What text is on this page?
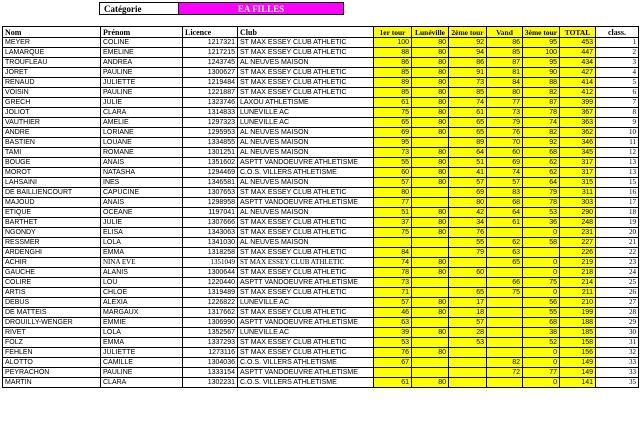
Catégorie	EA FILLES
Nom	Prénom	Licence	Club	1er tour	Lunéville	2ème tour	Vand	3ème tour	TOTAL	class.
MEYER	COLINE	1217321	ST MAX ESSEY CLUB ATHLETIC	100	80	92	86	95	453	1
LAMARQUE	EMELINE	1217215	ST MAX ESSEY CLUB ATHLETIC	88	80	94	85	100	447	2
TROUFLEAU	ANDREA	1243745	AL NEUVES MAISON	86	80	86	87	95	434	3
JORET	PAULINE	1300627	ST MAX ESSEY CLUB ATHLETIC	85	80	91	81	90	427	4
RENAUD	JULIETTE	1219484	ST MAX ESSEY CLUB ATHLETIC	89	80	73	84	88	414	5
VOISIN	PAULINE	1221887	ST MAX ESSEY CLUB ATHLETIC	85	80	85	80	82	412	6
GRECH	JULIE	1323746	LAXOU ATHLETISME	61	80	74	77	87	399	7
JOLIOT	CLARA	1314833	LUNEVILLE AC	75	80	61	73	78	367	8
VAUTHIER	AMELIE	1297323	LUNEVILLE AC	65	80	65	79	74	363	9
ANDRE	LORIANE	1295953	AL NEUVES MAISON	69	80	65	76	82	362	10
BASTIEN	LOUANE	1334855	AL NEUVES MAISON	95		89	70	92	346	11
TAMI	ROMANE	1301251	AL NEUVES MAISON	73	80	64	60	68	345	12
BOUGE	ANAIS	1351602	ASPTT VANDOEUVRE ATHLETISME	55	80	51	69	62	317	13
MOROT	NATASHA	1294469	C.O.S. VILLERS ATHLETISME	60	80	41	74	62	317	13
LAHSAINI	INES	1346581	AL NEUVES MAISON	57	80	57	57	64	315	15
DE BAILLIENCOURT	CAPUCINE	1307653	ST MAX ESSEY CLUB ATHLETIC	80		69	83	79	311	16
MAJOUD	ANAIS	1298958	ASPTT VANDOEUVRE ATHLETISME	77		80	68	78	303	17
ETIQUE	OCEANE	1197041	AL NEUVES MAISON	51	80	42	64	53	290	18
BARTHET	JULIE	1307666	ST MAX ESSEY CLUB ATHLETIC	37	80	34	61	36	248	19
NGONDY	ELISA	1343063	ST MAX ESSEY CLUB ATHLETIC	75	80	76		0	231	20
RESSMER	LOLA	1341030	AL NEUVES MAISON			55	62	58	227	21
ARDENGHI	EMMA	1318258	ST MAX ESSEY CLUB ATHLETIC	84		79	63		226	22
ACHIR	NINA EVE	1351049	ST MAX ESSEY CLUB ATHLETIC	74	80		65	0	219	23
GAUCHE	ALANIS	1300644	ST MAX ESSEY CLUB ATHLETIC	78	80	60		0	218	24
COLIRE	LOU	1220440	ASPTT VANDOEUVRE ATHLETISME	73			66	75	214	25
ARTIS	CHLOE	1319489	ST MAX ESSEY CLUB ATHLETIC	71		65	75	0	211	26
DEBUS	ALEXIA	1226822	LUNEVILLE AC	57	80	17		56	210	27
DE MATTEIS	MARGAUX	1317662	ST MAX ESSEY CLUB ATHLETIC	46	80	18		55	199	28
DROUILLY-WENGER	EMMIE	1306990	ASPTT VANDOEUVRE ATHLETISME	63		57		68	188	29
RIVET	LOLA	1352567	LUNEVILLE AC	39	80	28		38	185	30
FOLZ	EMMA	1337293	ST MAX ESSEY CLUB ATHLETIC	53		53		52	158	31
FEHLEN	JULIETTE	1273116	ST MAX ESSEY CLUB ATHLETIC	76	80			0	156	32
ALOTTO	CAMILLE	1304036	C.O.S. VILLERS ATHLETISME	67			82	0	149	33
PEYRACHON	PAULINE	1333154	ASPTT VANDOEUVRE ATHLETISME				72	77	149	33
MARTIN	CLARA	1302231	C.O.S. VILLERS ATHLETISME	61	80			0	141	35
